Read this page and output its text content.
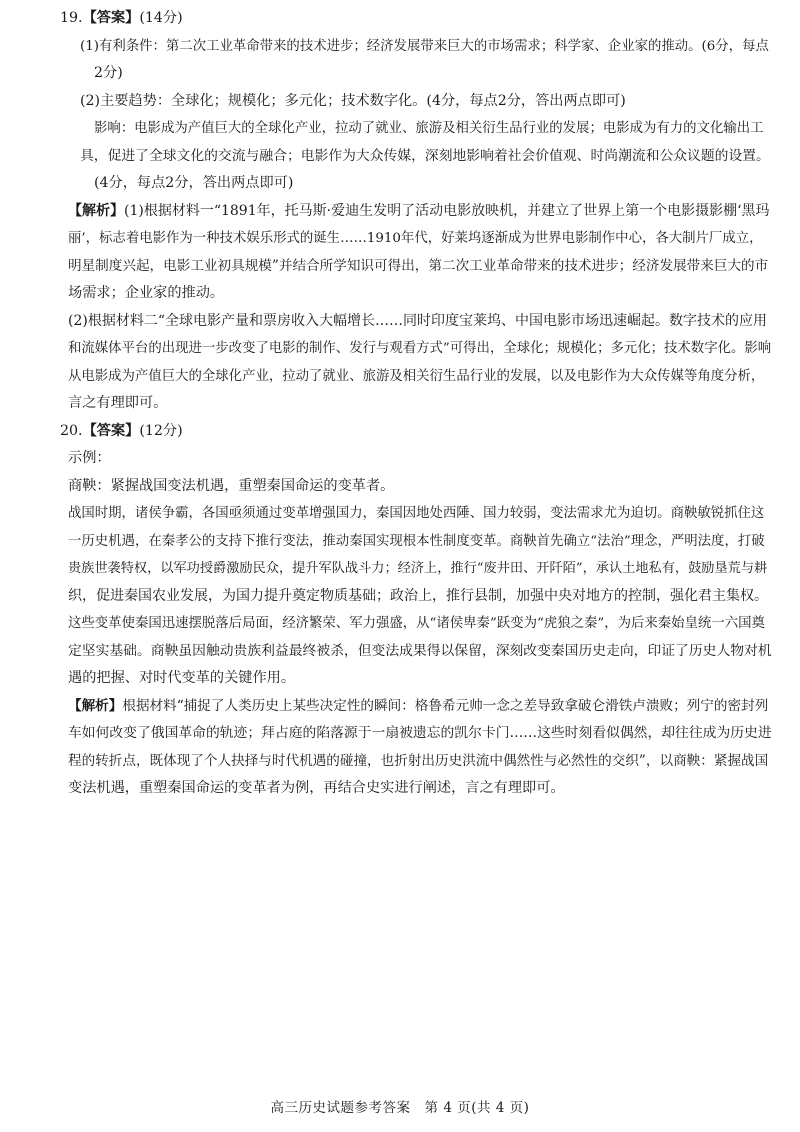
19.【答案】(14分)
(1)有利条件：第二次工业革命带来的技术进步；经济发展带来巨大的市场需求；科学家、企业家的推动。(6分，每点
2分)
(2)主要趋势：全球化；规模化；多元化；技术数字化。(4分，每点2分，答出两点即可)
影响：电影成为产值巨大的全球化产业，拉动了就业、旅游及相关衍生品行业的发展；电影成为有力的文化输出工
具，促进了全球文化的交流与融合；电影作为大众传媒，深刻地影响着社会价值观、时尚潮流和公众议题的设置。
(4分，每点2分，答出两点即可)
【解析】(1)根据材料一“1891年，托马斯·爱迪生发明了活动电影放映机，并建立了世界上第一个电影摄影棚‘黑玛
丽’，标志着电影作为一种技术娱乐形式的诞生……1910年代，好莱坞逐渐成为世界电影制作中心，各大制片厂成立，
明星制度兴起，电影工业初具规模”并结合所学知识可得出，第二次工业革命带来的技术进步；经济发展带来巨大的市
场需求；企业家的推动。
(2)根据材料二“全球电影产量和票房收入大幅增长……同时印度宝莱坞、中国电影市场迅速崛起。数字技术的应用
和流媒体平台的出现进一步改变了电影的制作、发行与观看方式”可得出，全球化；规模化；多元化；技术数字化。影响
从电影成为产值巨大的全球化产业，拉动了就业、旅游及相关衍生品行业的发展，以及电影作为大众传媒等角度分析，
言之有理即可。
20.【答案】(12分)
示例：
商鞅：紧握战国变法机遇，重塑秦国命运的变革者。
战国时期，诸侯争霸，各国亟须通过变革增强国力，秦国因地处西陲、国力较弱，变法需求尤为迫切。商鞅敏锐抓住这
一历史机遇，在秦孝公的支持下推行变法，推动秦国实现根本性制度变革。商鞅首先确立“法治”理念，严明法度，打破
贵族世袭特权，以军功授爵激励民众，提升军队战斗力；经济上，推行“废井田、开阡陌”，承认土地私有，鼓励垦荒与耕
织，促进秦国农业发展，为国力提升奠定物质基础；政治上，推行县制，加强中央对地方的控制，强化君主集权。
这些变革使秦国迅速摆脱落后局面，经济繁荣、军力强盛，从“诸侯卑秦”跃变为“虎狼之秦”，为后来秦始皇统一六国奠
定坚实基础。商鞅虽因触动贵族利益最终被杀，但变法成果得以保留，深刻改变秦国历史走向，印证了历史人物对机
遇的把握、对时代变革的关键作用。
【解析】根据材料“捕捉了人类历史上某些决定性的瞬间：格鲁希元帅一念之差导致拿破仑滑铁卢溃败；列宁的密封列
车如何改变了俄国革命的轨迹；拜占庭的陷落源于一扇被遗忘的凯尔卡门……这些时刻看似偶然，却往往成为历史进
程的转折点，既体现了个人抉择与时代机遇的碰撞，也折射出历史洪流中偶然性与必然性的交织”，以商鞅：紧握战国
变法机遇，重塑秦国命运的变革者为例，再结合史实进行阐述，言之有理即可。
高三历史试题参考答案　第 4 页(共 4 页)
